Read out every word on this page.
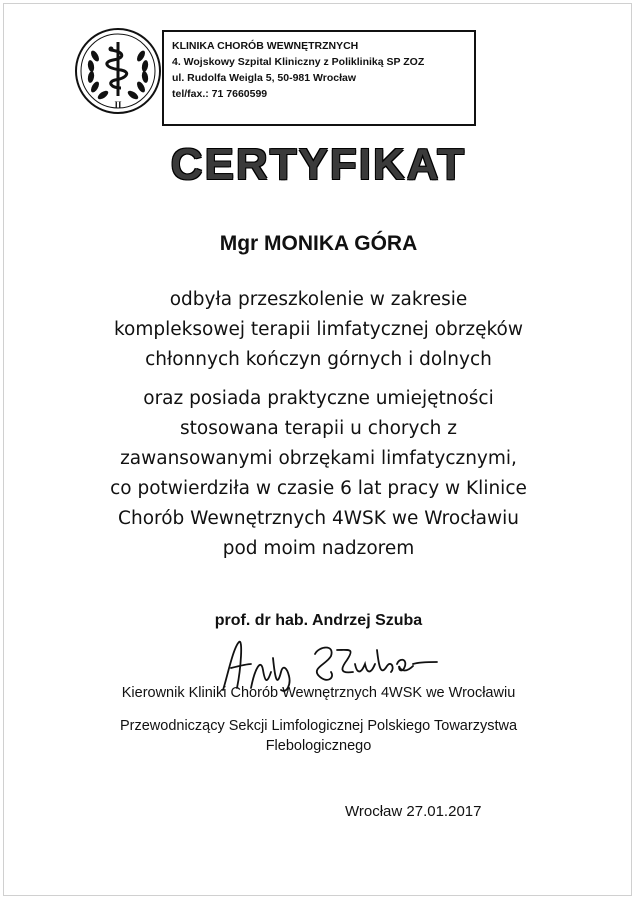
II
KLINIKA CHORÓB WEWNĘTRZNYCH
4. Wojskowy Szpital Kliniczny z Polikliniką SP ZOZ
ul. Rudolfa Weigla 5, 50-981 Wrocław
tel/fax.: 71 7660599
CERTYFIKAT
Mgr MONIKA GÓRA
odbyła przeszkolenie w zakresie
kompleksowej terapii limfatycznej obrzęków
chłonnych kończyn górnych i dolnych
oraz posiada praktyczne umiejętności
stosowana terapii u chorych z
zawansowanymi obrzękami limfatycznymi,
co potwierdziła w czasie 6 lat pracy w Klinice
Chorób Wewnętrznych 4WSK we Wrocławiu
pod moim nadzorem
prof. dr hab. Andrzej Szuba
Kierownik Kliniki Chorób Wewnętrznych 4WSK we Wrocławiu
Przewodniczący Sekcji Limfologicznej Polskiego Towarzystwa
Flebologicznego
Wrocław 27.01.2017
